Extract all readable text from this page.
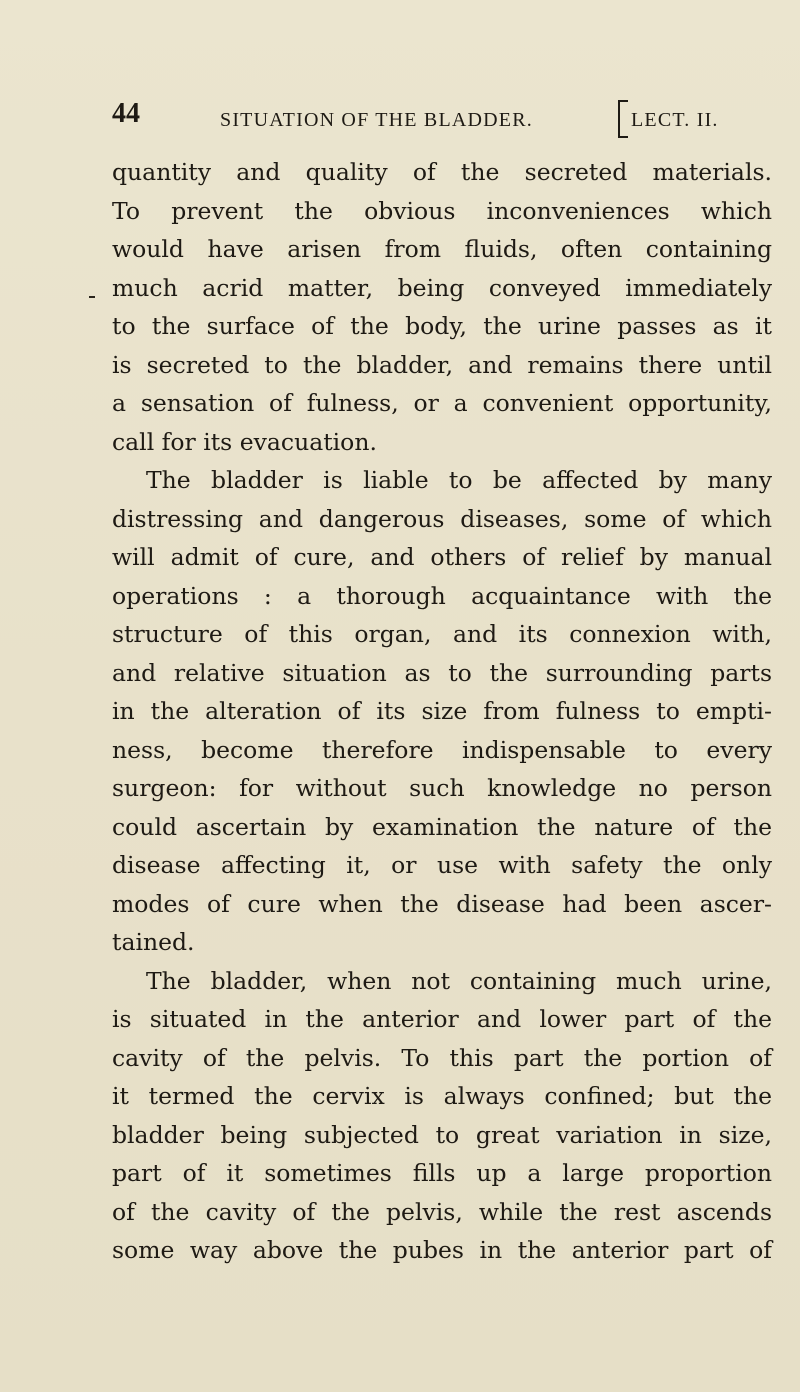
44	SITUATION OF THE BLADDER.	LECT. II.
quantity and quality of the secreted materials.
To prevent the obvious inconveniences which
would have arisen from fluids, often containing
much acrid matter, being conveyed immediately
to the surface of the body, the urine passes as it
is secreted to the bladder, and remains there until
a sensation of fulness, or a convenient opportunity,
call for its evacuation.
The bladder is liable to be affected by many
distressing and dangerous diseases, some of which
will admit of cure, and others of relief by manual
operations : a thorough acquaintance with the
structure of this organ, and its connexion with,
and relative situation as to the surrounding parts
in the alteration of its size from fulness to empti-
ness, become therefore indispensable to every
surgeon: for without such knowledge no person
could ascertain by examination the nature of the
disease affecting it, or use with safety the only
modes of cure when the disease had been ascer-
tained.
The bladder, when not containing much urine,
is situated in the anterior and lower part of the
cavity of the pelvis. To this part the portion of
it termed the cervix is always confined; but the
bladder being subjected to great variation in size,
part of it sometimes fills up a large proportion
of the cavity of the pelvis, while the rest ascends
some way above the pubes in the anterior part of
